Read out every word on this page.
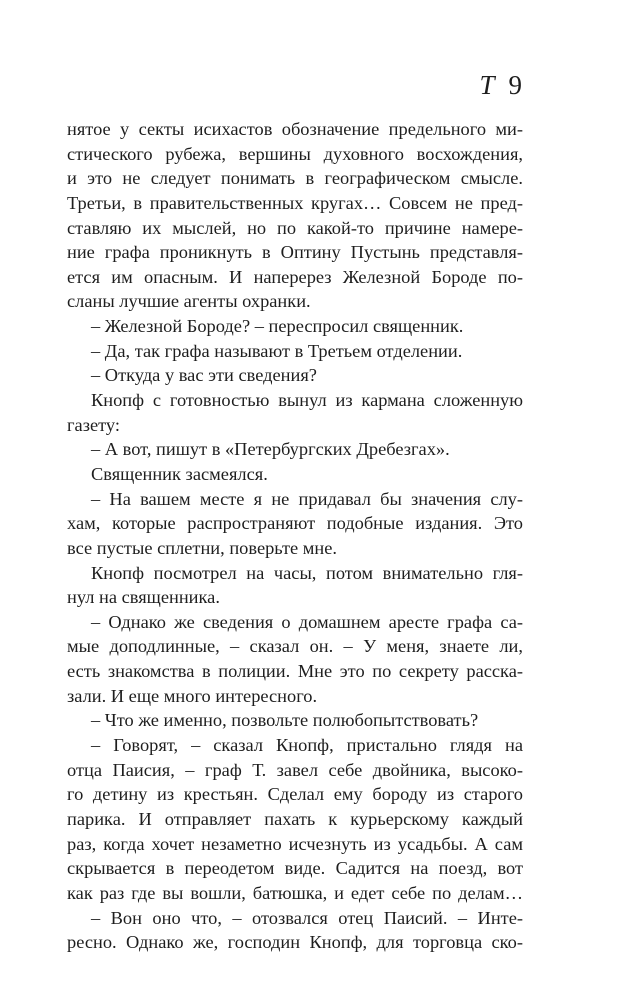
T 9
нятое у секты исихастов обозначение предельного ми-
стического рубежа, вершины духовного восхождения,
и это не следует понимать в географическом смысле.
Третьи, в правительственных кругах… Совсем не пред-
ставляю их мыслей, но по какой-то причине намере-
ние графа проникнуть в Оптину Пустынь представля-
ется им опасным. И наперерез Железной Бороде по-
сланы лучшие агенты охранки.
– Железной Бороде? – переспросил священник.
– Да, так графа называют в Третьем отделении.
– Откуда у вас эти сведения?
Кнопф с готовностью вынул из кармана сложенную
газету:
– А вот, пишут в «Петербургских Дребезгах».
Священник засмеялся.
– На вашем месте я не придавал бы значения слу-
хам, которые распространяют подобные издания. Это
все пустые сплетни, поверьте мне.
Кнопф посмотрел на часы, потом внимательно гля-
нул на священника.
– Однако же сведения о домашнем аресте графа са-
мые доподлинные, – сказал он. – У меня, знаете ли,
есть знакомства в полиции. Мне это по секрету расска-
зали. И еще много интересного.
– Что же именно, позвольте полюбопытствовать?
– Говорят, – сказал Кнопф, пристально глядя на
отца Паисия, – граф Т. завел себе двойника, высоко-
го детину из крестьян. Сделал ему бороду из старого
парика. И отправляет пахать к курьерскому каждый
раз, когда хочет незаметно исчезнуть из усадьбы. А сам
скрывается в переодетом виде. Садится на поезд, вот
как раз где вы вошли, батюшка, и едет себе по делам…
– Вон оно что, – отозвался отец Паисий. – Инте-
ресно. Однако же, господин Кнопф, для торговца ско-
